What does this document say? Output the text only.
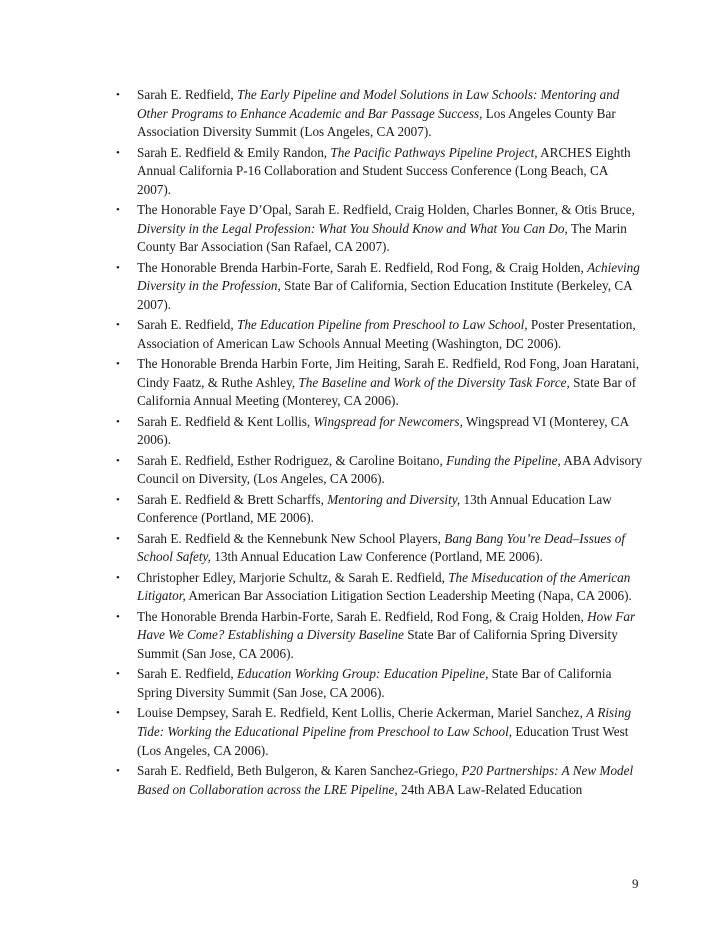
• Sarah E. Redfield, The Early Pipeline and Model Solutions in Law Schools: Mentoring and Other Programs to Enhance Academic and Bar Passage Success, Los Angeles County Bar Association Diversity Summit (Los Angeles, CA 2007).
• Sarah E. Redfield & Emily Randon, The Pacific Pathways Pipeline Project, ARCHES Eighth Annual California P-16 Collaboration and Student Success Conference (Long Beach, CA 2007).
• The Honorable Faye D’Opal, Sarah E. Redfield, Craig Holden, Charles Bonner, & Otis Bruce, Diversity in the Legal Profession: What You Should Know and What You Can Do, The Marin County Bar Association (San Rafael, CA 2007).
• The Honorable Brenda Harbin-Forte, Sarah E. Redfield, Rod Fong, & Craig Holden, Achieving Diversity in the Profession, State Bar of California, Section Education Institute (Berkeley, CA 2007).
• Sarah E. Redfield, The Education Pipeline from Preschool to Law School, Poster Presentation, Association of American Law Schools Annual Meeting (Washington, DC 2006).
• The Honorable Brenda Harbin Forte, Jim Heiting, Sarah E. Redfield, Rod Fong, Joan Haratani, Cindy Faatz, & Ruthe Ashley, The Baseline and Work of the Diversity Task Force, State Bar of California Annual Meeting (Monterey, CA 2006).
• Sarah E. Redfield & Kent Lollis, Wingspread for Newcomers, Wingspread VI (Monterey, CA 2006).
• Sarah E. Redfield, Esther Rodriguez, & Caroline Boitano, Funding the Pipeline, ABA Advisory Council on Diversity, (Los Angeles, CA 2006).
• Sarah E. Redfield & Brett Scharffs, Mentoring and Diversity, 13th Annual Education Law Conference (Portland, ME 2006).
• Sarah E. Redfield & the Kennebunk New School Players, Bang Bang You’re Dead–Issues of School Safety, 13th Annual Education Law Conference (Portland, ME 2006).
• Christopher Edley, Marjorie Schultz, & Sarah E. Redfield, The Miseducation of the American Litigator, American Bar Association Litigation Section Leadership Meeting (Napa, CA 2006).
• The Honorable Brenda Harbin-Forte, Sarah E. Redfield, Rod Fong, & Craig Holden, How Far Have We Come? Establishing a Diversity Baseline State Bar of California Spring Diversity Summit (San Jose, CA 2006).
• Sarah E. Redfield, Education Working Group: Education Pipeline, State Bar of California Spring Diversity Summit (San Jose, CA 2006).
• Louise Dempsey, Sarah E. Redfield, Kent Lollis, Cherie Ackerman, Mariel Sanchez, A Rising Tide: Working the Educational Pipeline from Preschool to Law School, Education Trust West (Los Angeles, CA 2006).
• Sarah E. Redfield, Beth Bulgeron, & Karen Sanchez-Griego, P20 Partnerships: A New Model Based on Collaboration across the LRE Pipeline, 24th ABA Law-Related Education
9
